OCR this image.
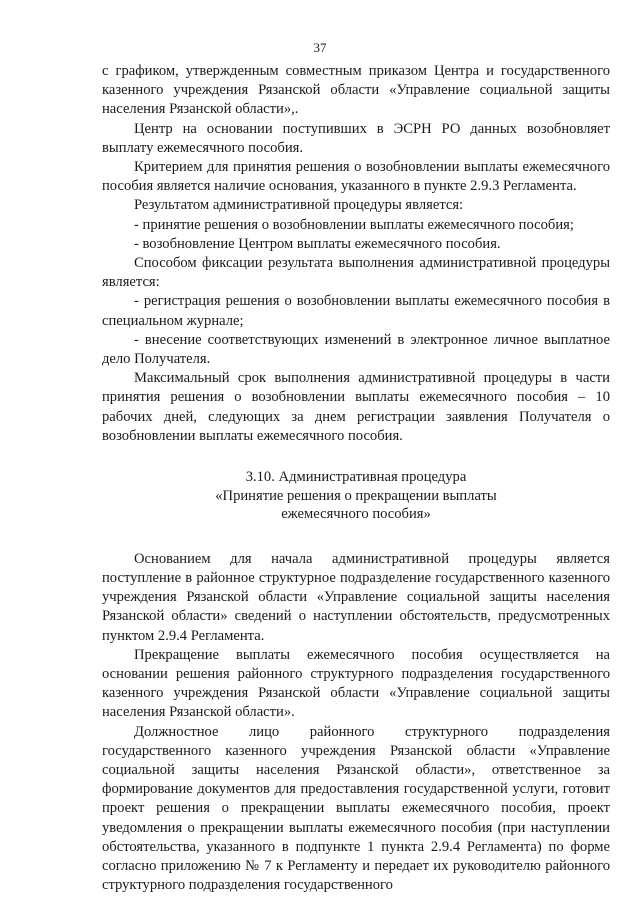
37

с графиком, утвержденным совместным приказом Центра и государственного казенного учреждения Рязанской области «Управление социальной защиты населения Рязанской области»,.

Центр на основании поступивших в ЭСРН РО данных возобновляет выплату ежемесячного пособия.

Критерием для принятия решения о возобновлении выплаты ежемесячного пособия является наличие основания, указанного в пункте 2.9.3 Регламента.

Результатом административной процедуры является:

- принятие решения о возобновлении выплаты ежемесячного пособия;

- возобновление Центром выплаты ежемесячного пособия.

Способом фиксации результата выполнения административной процедуры является:

- регистрация решения о возобновлении выплаты ежемесячного пособия в специальном журнале;

- внесение соответствующих изменений в электронное личное выплатное дело Получателя.

Максимальный срок выполнения административной процедуры в части принятия решения о возобновлении выплаты ежемесячного пособия – 10 рабочих дней, следующих за днем регистрации заявления Получателя о возобновлении выплаты ежемесячного пособия.

3.10. Административная процедура
«Принятие решения о прекращении выплаты
ежемесячного пособия»

Основанием для начала административной процедуры является поступление в районное структурное подразделение государственного казенного учреждения Рязанской области «Управление социальной защиты населения Рязанской области» сведений о наступлении обстоятельств, предусмотренных пунктом 2.9.4 Регламента.

Прекращение выплаты ежемесячного пособия осуществляется на основании решения районного структурного подразделения государственного казенного учреждения Рязанской области «Управление социальной защиты населения Рязанской области».

Должностное лицо районного структурного подразделения государственного казенного учреждения Рязанской области «Управление социальной защиты населения Рязанской области», ответственное за формирование документов для предоставления государственной услуги, готовит проект решения о прекращении выплаты ежемесячного пособия, проект уведомления о прекращении выплаты ежемесячного пособия (при наступлении обстоятельства, указанного в подпункте 1 пункта 2.9.4 Регламента) по форме согласно приложению № 7 к Регламенту и передает их руководителю районного структурного подразделения государственного
